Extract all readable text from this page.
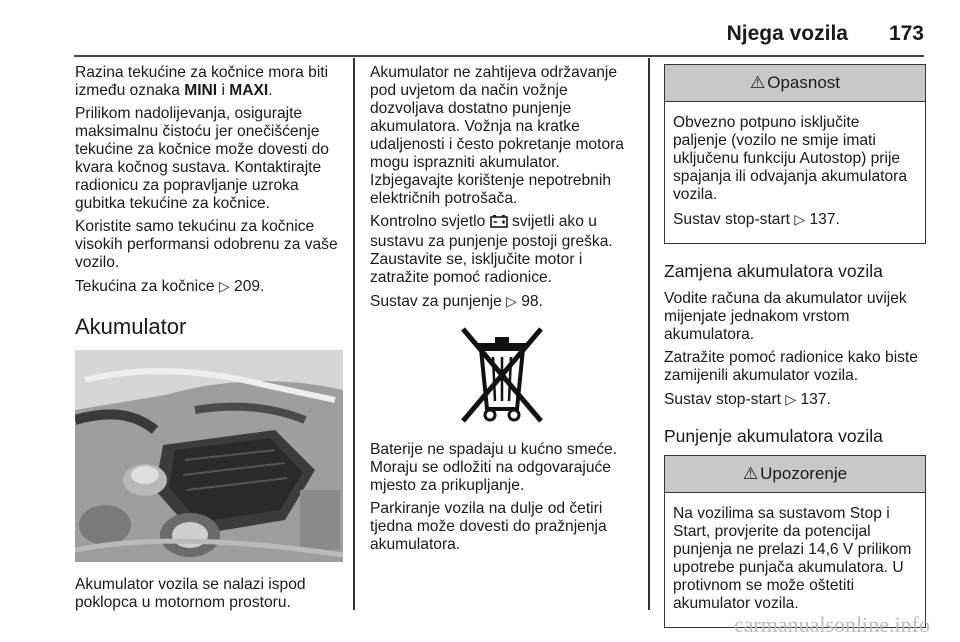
Njega vozila 173

Razina tekućine za kočnice mora biti između oznaka MINI i MAXI.

Prilikom nadolijevanja, osigurajte maksimalnu čistoću jer onečišćenje tekućine za kočnice može dovesti do kvara kočnog sustava. Kontaktirajte radionicu za popravljanje uzroka gubitka tekućine za kočnice.

Koristite samo tekućinu za kočnice visokih performansi odobrenu za vaše vozilo.

Tekućina za kočnice ▷ 209.

Akumulator

Akumulator vozila se nalazi ispod poklopca u motornom prostoru.

Akumulator ne zahtijeva održavanje pod uvjetom da način vožnje dozvoljava dostatno punjenje akumulatora. Vožnja na kratke udaljenosti i često pokretanje motora mogu isprazniti akumulator. Izbjegavajte korištenje nepotrebnih električnih potrošača.

Kontrolno svjetlo  svijetli ako u sustavu za punjenje postoji greška. Zaustavite se, isključite motor i zatražite pomoć radionice.

Sustav za punjenje ▷ 98.

Baterije ne spadaju u kućno smeće. Moraju se odložiti na odgovarajuće mjesto za prikupljanje.

Parkiranje vozila na dulje od četiri tjedna može dovesti do pražnjenja akumulatora.

⚠ Opasnost

Obvezno potpuno isključite paljenje (vozilo ne smije imati uključenu funkciju Autostop) prije spajanja ili odvajanja akumulatora vozila.

Sustav stop-start ▷ 137.

Zamjena akumulatora vozila

Vodite računa da akumulator uvijek mijenjate jednakom vrstom akumulatora.

Zatražite pomoć radionice kako biste zamijenili akumulator vozila.

Sustav stop-start ▷ 137.

Punjenje akumulatora vozila
⚠ Upozorenje

Na vozilima sa sustavom Stop i Start, provjerite da potencijal punjenja ne prelazi 14,6 V prilikom upotrebe punjača akumulatora. U protivnom se može oštetiti akumulator vozila.

carmanualsonline.info
